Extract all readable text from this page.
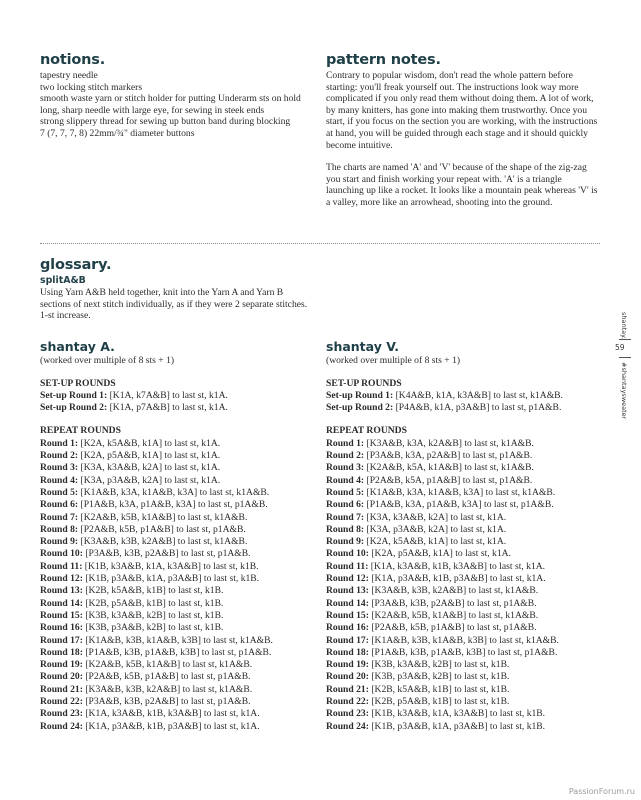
notions.
tapestry needle
two locking stitch markers
smooth waste yarn or stitch holder for putting Underarm sts on hold
long, sharp needle with large eye, for sewing in steek ends
strong slippery thread for sewing up button band during blocking
7 (7, 7, 7, 8) 22mm/¾" diameter buttons
pattern notes.
Contrary to popular wisdom, don't read the whole pattern before starting: you'll freak yourself out. The instructions look way more complicated if you only read them without doing them. A lot of work, by many knitters, has gone into making them trustworthy. Once you start, if you focus on the section you are working, with the instructions at hand, you will be guided through each stage and it should quickly become intuitive.
The charts are named 'A' and 'V' because of the shape of the zig-zag you start and finish working your repeat with. 'A' is a triangle launching up like a rocket. It looks like a mountain peak whereas 'V' is a valley, more like an arrowhead, shooting into the ground.
glossary.
splitA&B
Using Yarn A&B held together, knit into the Yarn A and Yarn B sections of next stitch individually, as if they were 2 separate stitches. 1-st increase.
shantay A.
(worked over multiple of 8 sts + 1)
SET-UP ROUNDS
Set-up Round 1: [K1A, k7A&B] to last st, k1A.
Set-up Round 2: [K1A, p7A&B] to last st, k1A.
REPEAT ROUNDS
Round 1: [K2A, k5A&B, k1A] to last st, k1A.
Round 2: [K2A, p5A&B, k1A] to last st, k1A.
Round 3: [K3A, k3A&B, k2A] to last st, k1A.
Round 4: [K3A, p3A&B, k2A] to last st, k1A.
Round 5: [K1A&B, k3A, k1A&B, k3A] to last st, k1A&B.
Round 6: [P1A&B, k3A, p1A&B, k3A] to last st, p1A&B.
Round 7: [K2A&B, k5B, k1A&B] to last st, k1A&B.
Round 8: [P2A&B, k5B, p1A&B] to last st, p1A&B.
Round 9: [K3A&B, k3B, k2A&B] to last st, k1A&B.
Round 10: [P3A&B, k3B, p2A&B] to last st, p1A&B.
Round 11: [K1B, k3A&B, k1A, k3A&B] to last st, k1B.
Round 12: [K1B, p3A&B, k1A, p3A&B] to last st, k1B.
Round 13: [K2B, k5A&B, k1B] to last st, k1B.
Round 14: [K2B, p5A&B, k1B] to last st, k1B.
Round 15: [K3B, k3A&B, k2B] to last st, k1B.
Round 16: [K3B, p3A&B, k2B] to last st, k1B.
Round 17: [K1A&B, k3B, k1A&B, k3B] to last st, k1A&B.
Round 18: [P1A&B, k3B, p1A&B, k3B] to last st, p1A&B.
Round 19: [K2A&B, k5B, k1A&B] to last st, k1A&B.
Round 20: [P2A&B, k5B, p1A&B] to last st, p1A&B.
Round 21: [K3A&B, k3B, k2A&B] to last st, k1A&B.
Round 22: [P3A&B, k3B, p2A&B] to last st, p1A&B.
Round 23: [K1A, k3A&B, k1B, k3A&B] to last st, k1A.
Round 24: [K1A, p3A&B, k1B, p3A&B] to last st, k1A.
shantay V.
(worked over multiple of 8 sts + 1)
SET-UP ROUNDS
Set-up Round 1: [K4A&B, k1A, k3A&B] to last st, k1A&B.
Set-up Round 2: [P4A&B, k1A, p3A&B] to last st, p1A&B.
REPEAT ROUNDS
Round 1: [K3A&B, k3A, k2A&B] to last st, k1A&B.
Round 2: [P3A&B, k3A, p2A&B] to last st, p1A&B.
Round 3: [K2A&B, k5A, k1A&B] to last st, k1A&B.
Round 4: [P2A&B, k5A, p1A&B] to last st, p1A&B.
Round 5: [K1A&B, k3A, k1A&B, k3A] to last st, k1A&B.
Round 6: [P1A&B, k3A, p1A&B, k3A] to last st, p1A&B.
Round 7: [K3A, k3A&B, k2A] to last st, k1A.
Round 8: [K3A, p3A&B, k2A] to last st, k1A.
Round 9: [K2A, k5A&B, k1A] to last st, k1A.
Round 10: [K2A, p5A&B, k1A] to last st, k1A.
Round 11: [K1A, k3A&B, k1B, k3A&B] to last st, k1A.
Round 12: [K1A, p3A&B, k1B, p3A&B] to last st, k1A.
Round 13: [K3A&B, k3B, k2A&B] to last st, k1A&B.
Round 14: [P3A&B, k3B, p2A&B] to last st, p1A&B.
Round 15: [K2A&B, k5B, k1A&B] to last st, k1A&B.
Round 16: [P2A&B, k5B, p1A&B] to last st, p1A&B.
Round 17: [K1A&B, k3B, k1A&B, k3B] to last st, k1A&B.
Round 18: [P1A&B, k3B, p1A&B, k3B] to last st, p1A&B.
Round 19: [K3B, k3A&B, k2B] to last st, k1B.
Round 20: [K3B, p3A&B, k2B] to last st, k1B.
Round 21: [K2B, k5A&B, k1B] to last st, k1B.
Round 22: [K2B, p5A&B, k1B] to last st, k1B.
Round 23: [K1B, k3A&B, k1A, k3A&B] to last st, k1B.
Round 24: [K1B, p3A&B, k1A, p3A&B] to last st, k1B.
shantay.
59
#shantaysweater
PassionForum.ru
